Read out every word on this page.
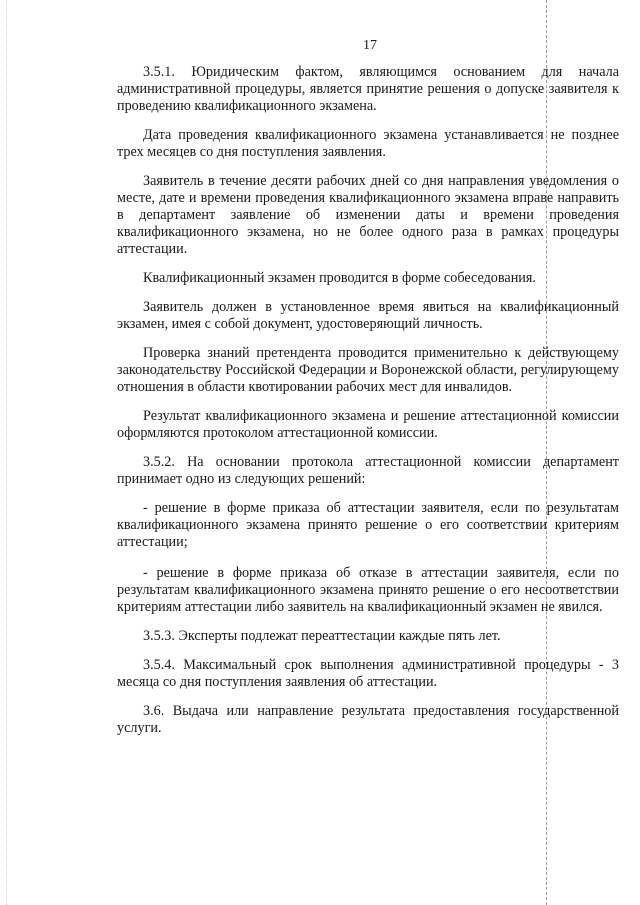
17

3.5.1. Юридическим фактом, являющимся основанием для начала административной процедуры, является принятие решения о допуске заявителя к проведению квалификационного экзамена.

Дата проведения квалификационного экзамена устанавливается не позднее трех месяцев со дня поступления заявления.

Заявитель в течение десяти рабочих дней со дня направления уведомления о месте, дате и времени проведения квалификационного экзамена вправе направить в департамент заявление об изменении даты и времени проведения квалификационного экзамена, но не более одного раза в рамках процедуры аттестации.

Квалификационный экзамен проводится в форме собеседования.

Заявитель должен в установленное время явиться на квалификационный экзамен, имея с собой документ, удостоверяющий личность.

Проверка знаний претендента проводится применительно к действующему законодательству Российской Федерации и Воронежской области, регулирующему отношения в области квотировании рабочих мест для инвалидов.

Результат квалификационного экзамена и решение аттестационной комиссии оформляются протоколом аттестационной комиссии.

3.5.2. На основании протокола аттестационной комиссии департамент принимает одно из следующих решений:

- решение в форме приказа об аттестации заявителя, если по результатам квалификационного экзамена принято решение о его соответствии критериям аттестации;

- решение в форме приказа об отказе в аттестации заявителя, если по результатам квалификационного экзамена принято решение о его несоответствии критериям аттестации либо заявитель на квалификационный экзамен не явился.

3.5.3. Эксперты подлежат переаттестации каждые пять лет.

3.5.4. Максимальный срок выполнения административной процедуры - 3 месяца со дня поступления заявления об аттестации.

3.6. Выдача или направление результата предоставления государственной услуги.
